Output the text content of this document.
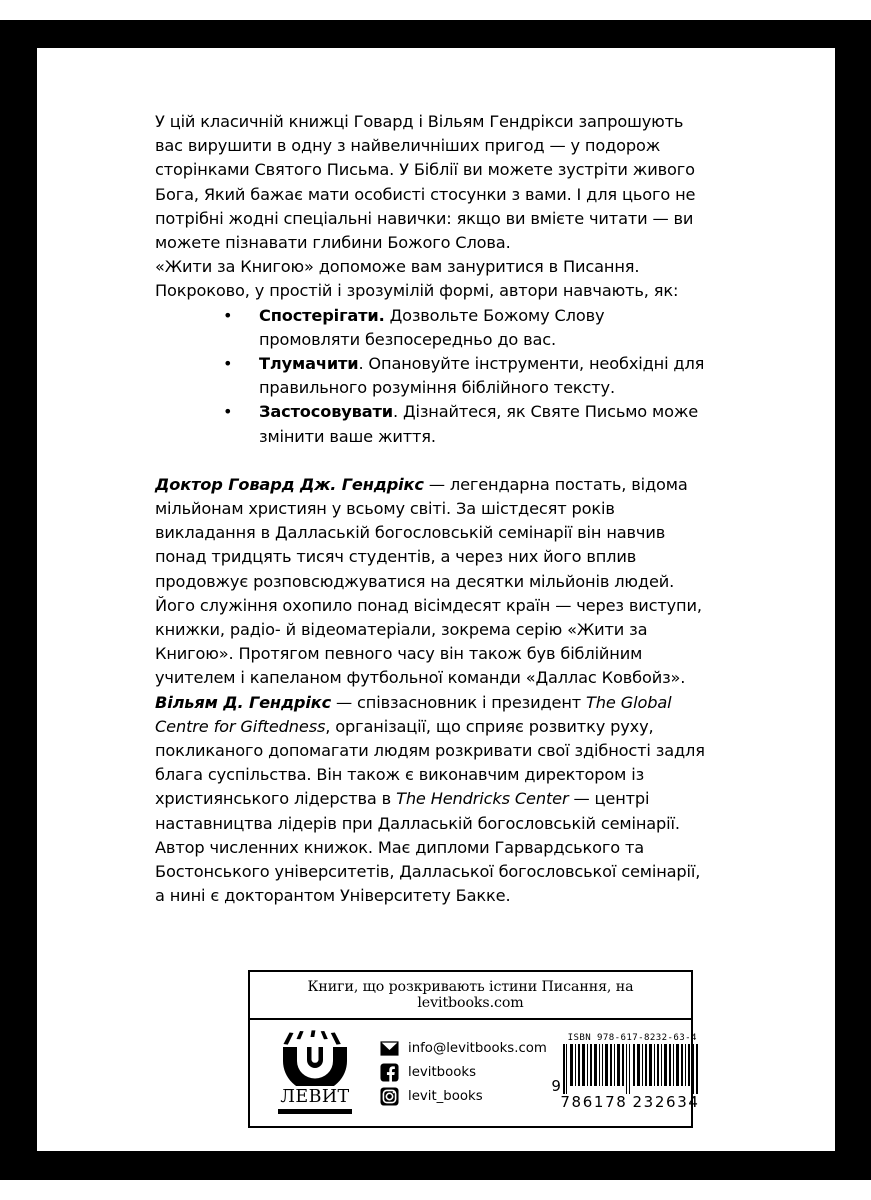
У цій класичній книжці Говард і Вільям Гендрікси запрошують вас вирушити в одну з найвеличніших пригод — у подорож сторінками Святого Письма. У Біблії ви можете зустріти живого Бога, Який бажає мати особисті стосунки з вами. І для цього не потрібні жодні спеціальні навички: якщо ви вмієте читати — ви можете пізнавати глибини Божого Слова.

«Жити за Книгою» допоможе вам зануритися в Писання. Покроково, у простій і зрозумілій формі, автори навчають, як:

• Спостерігати. Дозвольте Божому Слову промовляти безпосередньо до вас.
• Тлумачити. Опановуйте інструменти, необхідні для правильного розуміння біблійного тексту.
• Застосовувати. Дізнайтеся, як Святе Письмо може змінити ваше життя.

Доктор Говард Дж. Гендрікс — легендарна постать, відома мільйонам християн у всьому світі. За шістдесят років викладання в Даллаській богословській семінарії він навчив понад тридцять тисяч студентів, а через них його вплив продовжує розповсюджуватися на десятки мільйонів людей. Його служіння охопило понад вісімдесят країн — через виступи, книжки, радіо- й відеоматеріали, зокрема серію «Жити за Книгою». Протягом певного часу він також був біблійним учителем і капеланом футбольної команди «Даллас Ковбойз».

Вільям Д. Гендрікс — співзасновник і президент The Global Centre for Giftedness, організації, що сприяє розвитку руху, покликаного допомагати людям розкривати свої здібності задля блага суспільства. Він також є виконавчим директором із християнського лідерства в The Hendricks Center — центрі наставництва лідерів при Даллаській богословській семінарії. Автор численних книжок. Має дипломи Гарвардського та Бостонського університетів, Далласької богословської семінарії, а нині є докторантом Університету Бакке.

Книги, що розкривають істини Писання, на levitbooks.com
ЛЕВИТ
info@levitbooks.com
levitbooks
levit_books
ISBN 978-617-8232-63-4
9
7 8 6 1 7 8 2 3 2 6 3 4
